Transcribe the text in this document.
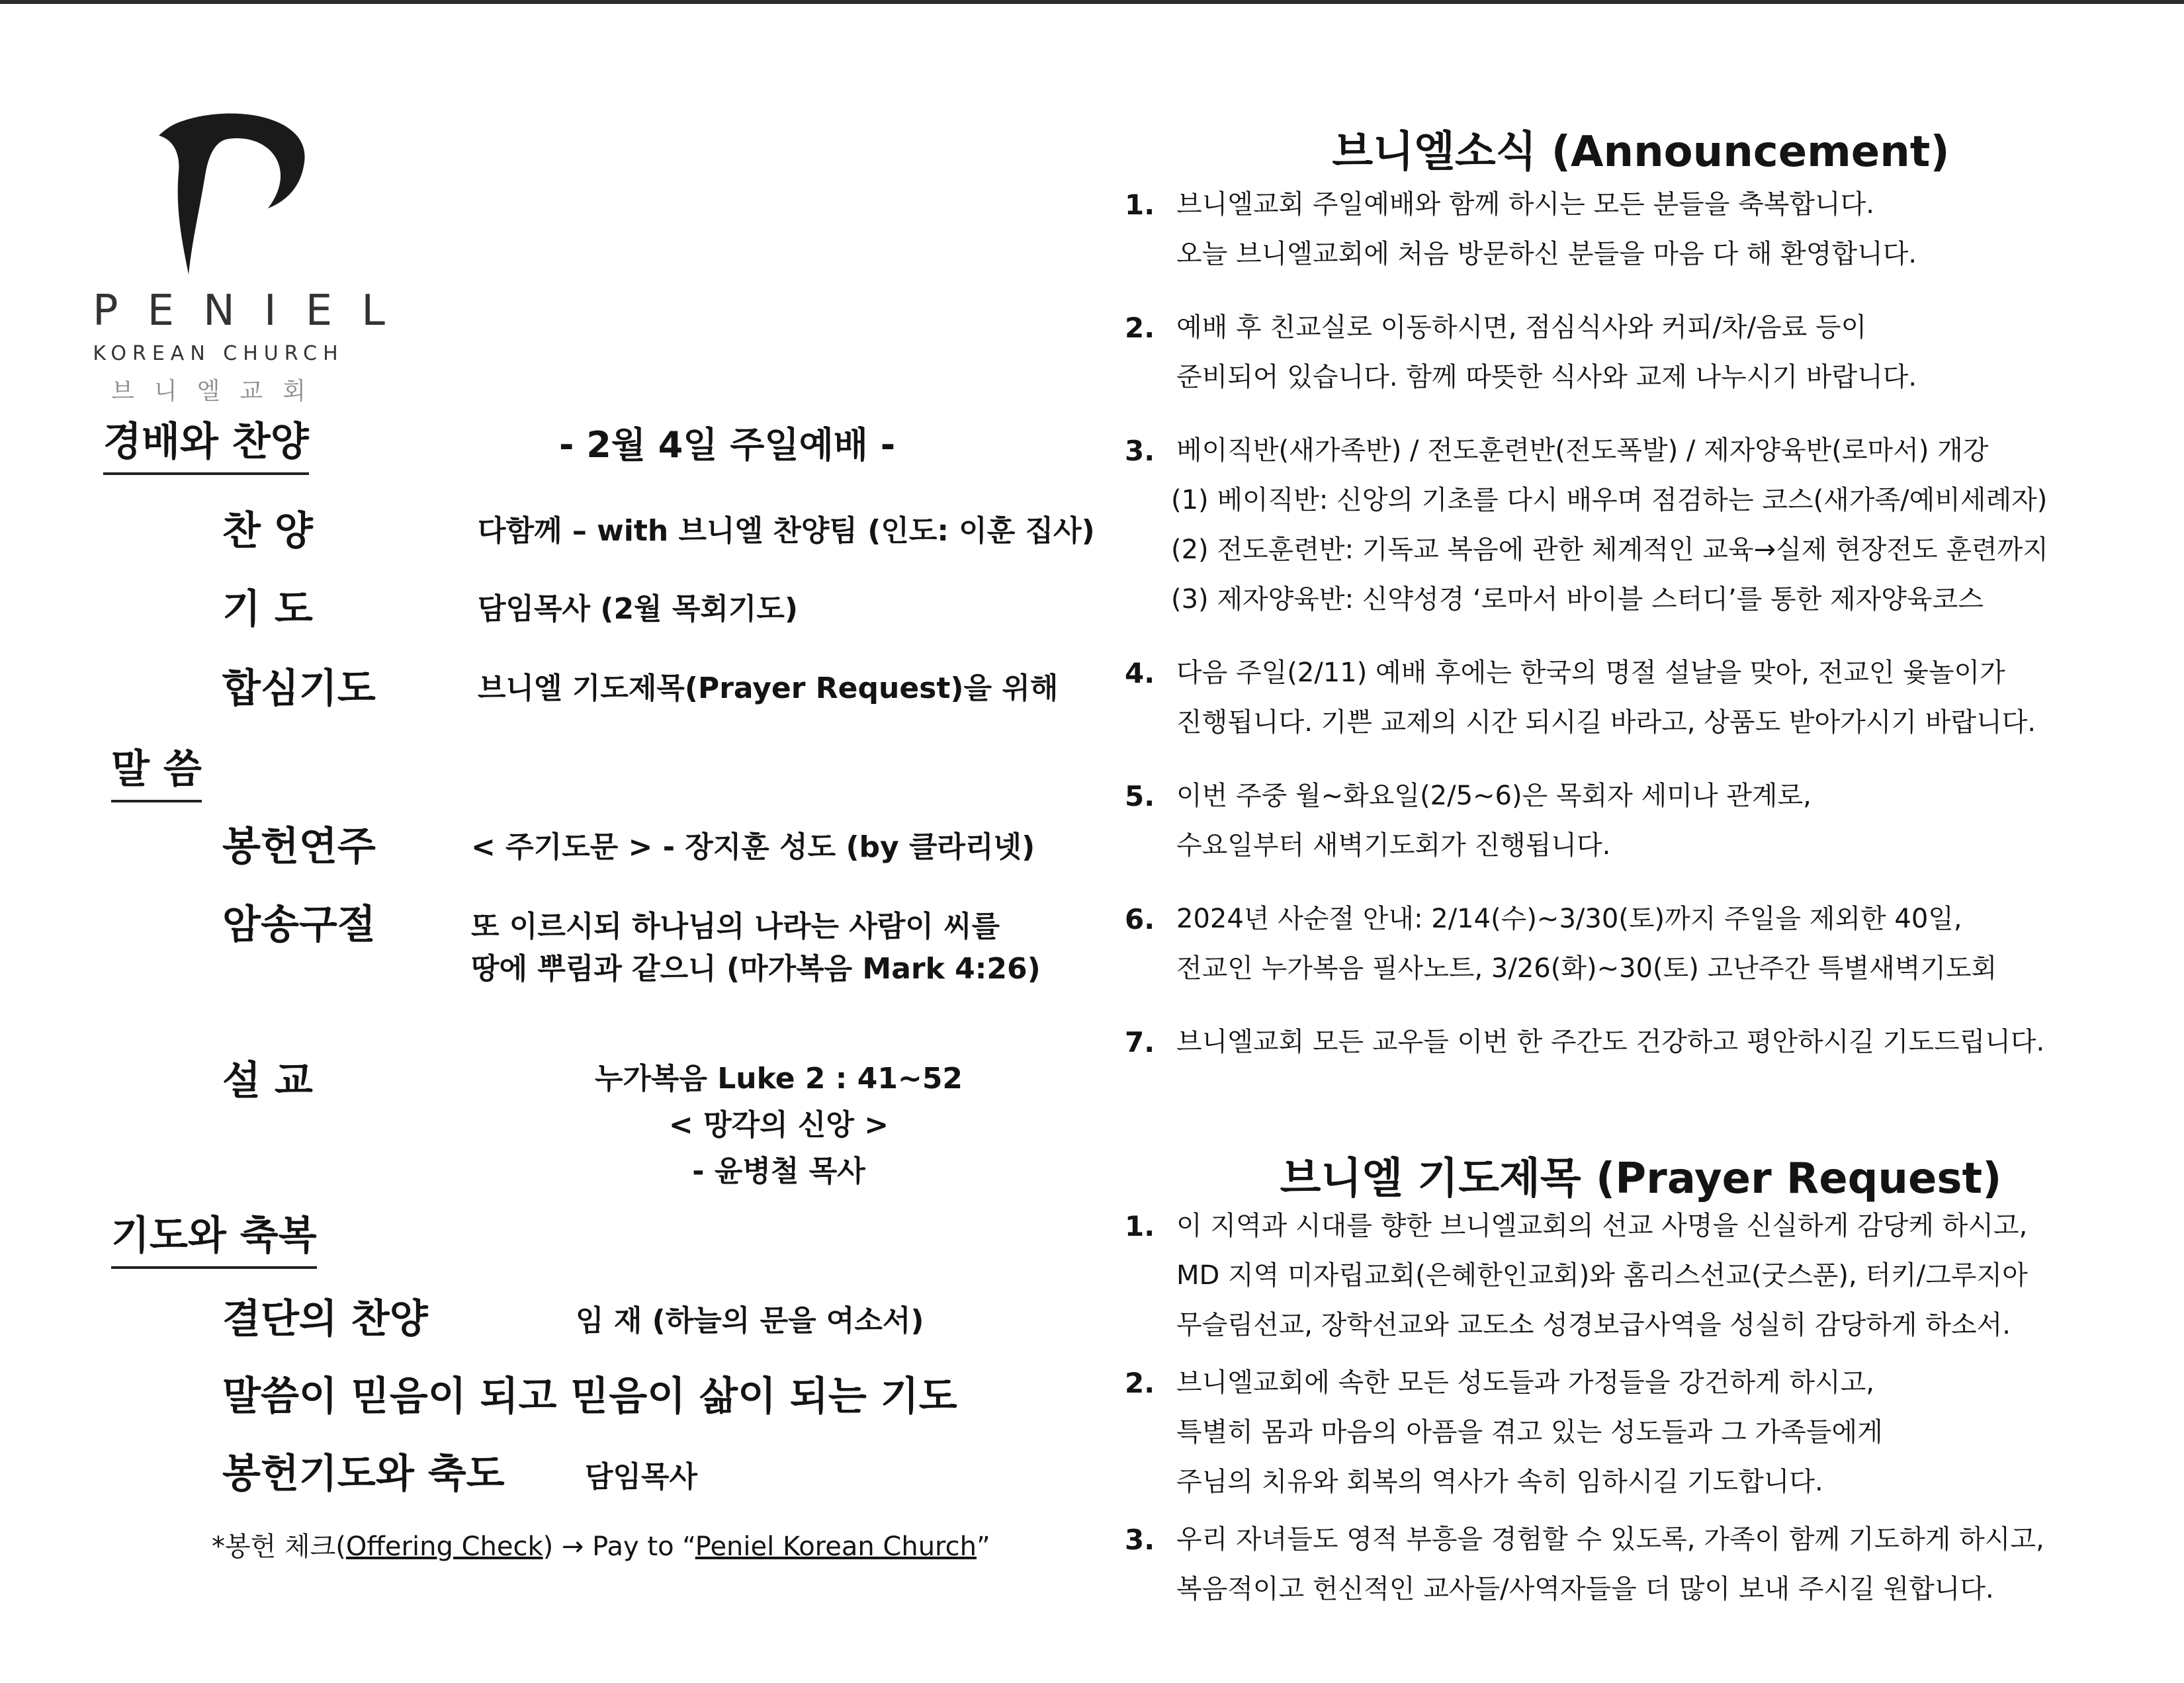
PENIEL
KOREAN CHURCH
브니엘교회
경배와 찬양	- 2월 4일 주일예배 -
찬 양	다함께 – with 브니엘 찬양팀 (인도: 이훈 집사)
기 도	담임목사 (2월 목회기도)
합심기도	브니엘 기도제목(Prayer Request)을 위해
말 씀
봉헌연주	< 주기도문 > - 장지훈 성도 (by 클라리넷)
암송구절	또 이르시되 하나님의 나라는 사람이 씨를
땅에 뿌림과 같으니 (마가복음 Mark 4:26)
설 교	누가복음 Luke 2 : 41~52
< 망각의 신앙 >
- 윤병철 목사
기도와 축복
결단의 찬양	임 재 (하늘의 문을 여소서)
말씀이 믿음이 되고 믿음이 삶이 되는 기도
봉헌기도와 축도	담임목사
*봉헌 체크(Offering Check) → Pay to “Peniel Korean Church”
브니엘소식 (Announcement)
1. 브니엘교회 주일예배와 함께 하시는 모든 분들을 축복합니다.
오늘 브니엘교회에 처음 방문하신 분들을 마음 다 해 환영합니다.
2. 예배 후 친교실로 이동하시면, 점심식사와 커피/차/음료 등이
준비되어 있습니다. 함께 따뜻한 식사와 교제 나누시기 바랍니다.
3. 베이직반(새가족반) / 전도훈련반(전도폭발) / 제자양육반(로마서) 개강
(1) 베이직반: 신앙의 기초를 다시 배우며 점검하는 코스(새가족/예비세례자)
(2) 전도훈련반: 기독교 복음에 관한 체계적인 교육→실제 현장전도 훈련까지
(3) 제자양육반: 신약성경 ‘로마서 바이블 스터디’를 통한 제자양육코스
4. 다음 주일(2/11) 예배 후에는 한국의 명절 설날을 맞아, 전교인 윷놀이가
진행됩니다. 기쁜 교제의 시간 되시길 바라고, 상품도 받아가시기 바랍니다.
5. 이번 주중 월~화요일(2/5~6)은 목회자 세미나 관계로,
수요일부터 새벽기도회가 진행됩니다.
6. 2024년 사순절 안내: 2/14(수)~3/30(토)까지 주일을 제외한 40일,
전교인 누가복음 필사노트, 3/26(화)~30(토) 고난주간 특별새벽기도회
7. 브니엘교회 모든 교우들 이번 한 주간도 건강하고 평안하시길 기도드립니다.
브니엘 기도제목 (Prayer Request)
1. 이 지역과 시대를 향한 브니엘교회의 선교 사명을 신실하게 감당케 하시고,
MD 지역 미자립교회(은혜한인교회)와 홈리스선교(굿스푼), 터키/그루지아
무슬림선교, 장학선교와 교도소 성경보급사역을 성실히 감당하게 하소서.
2. 브니엘교회에 속한 모든 성도들과 가정들을 강건하게 하시고,
특별히 몸과 마음의 아픔을 겪고 있는 성도들과 그 가족들에게
주님의 치유와 회복의 역사가 속히 임하시길 기도합니다.
3. 우리 자녀들도 영적 부흥을 경험할 수 있도록, 가족이 함께 기도하게 하시고,
복음적이고 헌신적인 교사들/사역자들을 더 많이 보내 주시길 원합니다.
